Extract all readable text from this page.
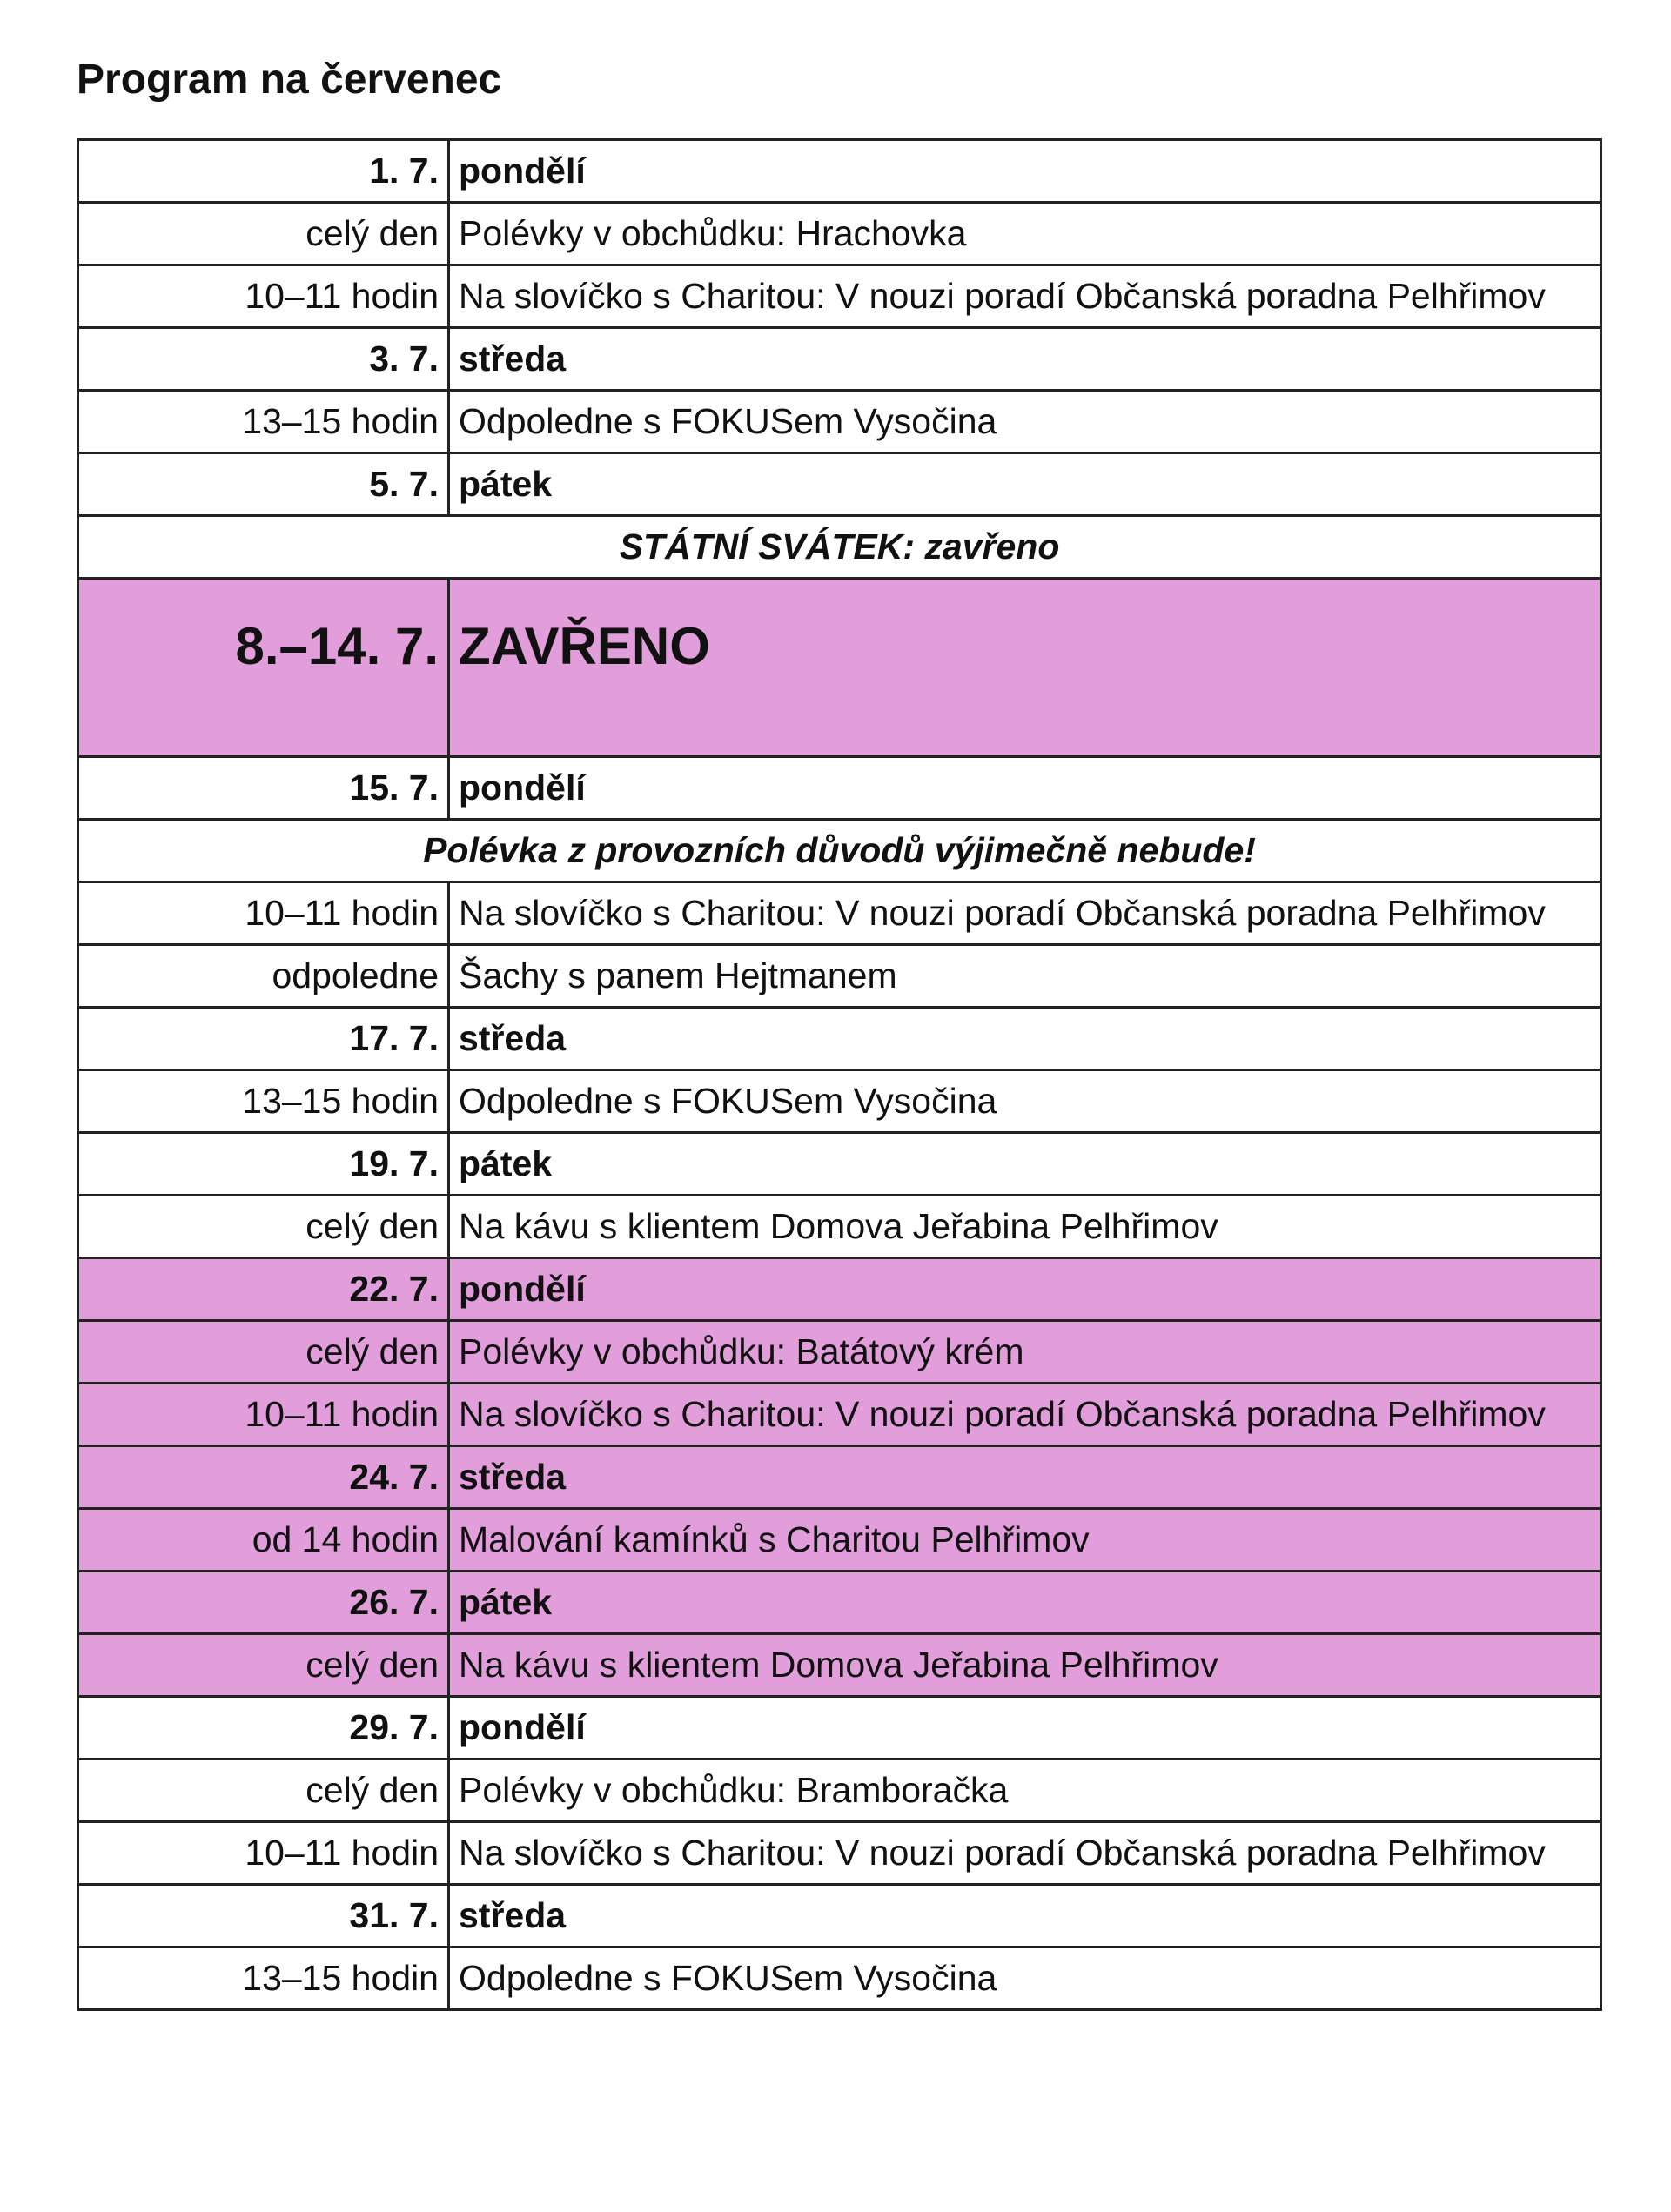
Program na červenec
1. 7.	pondělí
celý den	Polévky v obchůdku: Hrachovka
10–11 hodin	Na slovíčko s Charitou: V nouzi poradí Občanská poradna Pelhřimov
3. 7.	středa
13–15 hodin	Odpoledne s FOKUSem Vysočina
5. 7.	pátek
STÁTNÍ SVÁTEK: zavřeno	
8.–14. 7.	ZAVŘENO
15. 7.	pondělí
Polévka z provozních důvodů výjimečně nebude!	
10–11 hodin	Na slovíčko s Charitou: V nouzi poradí Občanská poradna Pelhřimov
odpoledne	Šachy s panem Hejtmanem
17. 7.	středa
13–15 hodin	Odpoledne s FOKUSem Vysočina
19. 7.	pátek
celý den	Na kávu s klientem Domova Jeřabina Pelhřimov
22. 7.	pondělí
celý den	Polévky v obchůdku: Batátový krém
10–11 hodin	Na slovíčko s Charitou: V nouzi poradí Občanská poradna Pelhřimov
24. 7.	středa
od 14 hodin	Malování kamínků s Charitou Pelhřimov
26. 7.	pátek
celý den	Na kávu s klientem Domova Jeřabina Pelhřimov
29. 7.	pondělí
celý den	Polévky v obchůdku: Bramboračka
10–11 hodin	Na slovíčko s Charitou: V nouzi poradí Občanská poradna Pelhřimov
31. 7.	středa
13–15 hodin	Odpoledne s FOKUSem Vysočina
